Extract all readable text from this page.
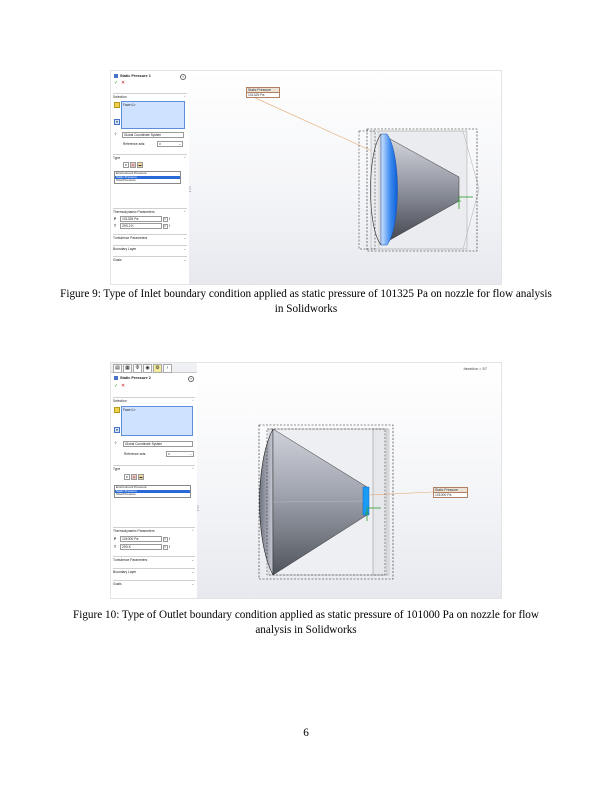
Static Pressure 1	?
✓ ✕
Selection	⌃
Face<1>
▼
⊹	Global Coordinate System
Reference axis:	X	⌄
Type	⌃
P ◎ ▬
Environment Pressure
Static Pressure
Total Pressure
Thermodynamic Parameters	⌃
P 101325 Pa	⇕ f
T 293.2 K	⇕ f
Turbulence Parameters	⌄
Boundary Layer	⌄
Goals	⌄
Static Pressure
101325 Pa
⋮
Figure 9: Type of Inlet boundary condition applied as static pressure of 101325 Pa on nozzle for flow analysis in Solidworks
▤	▦	Φ	◉	⚙	›
Static Pressure 2	?
✓ ✕
Selection	⌃
Face<1>
▼
⊹	Global Coordinate System
Reference axis:	X	⌄
Type	⌃
P ◎ ▬
Environment Pressure
Static Pressure
Total Pressure
Thermodynamic Parameters	⌃
P 101000 Pa	⇕ f
T 293 K	⇕ f
Turbulence Parameters	⌄
Boundary Layer	⌄
Goals	⌄
Iteration = 57
Static Pressure
101000 Pa
⋮
Figure 10: Type of Outlet boundary condition applied as static pressure of 101000 Pa on nozzle for flow analysis in Solidworks
6
